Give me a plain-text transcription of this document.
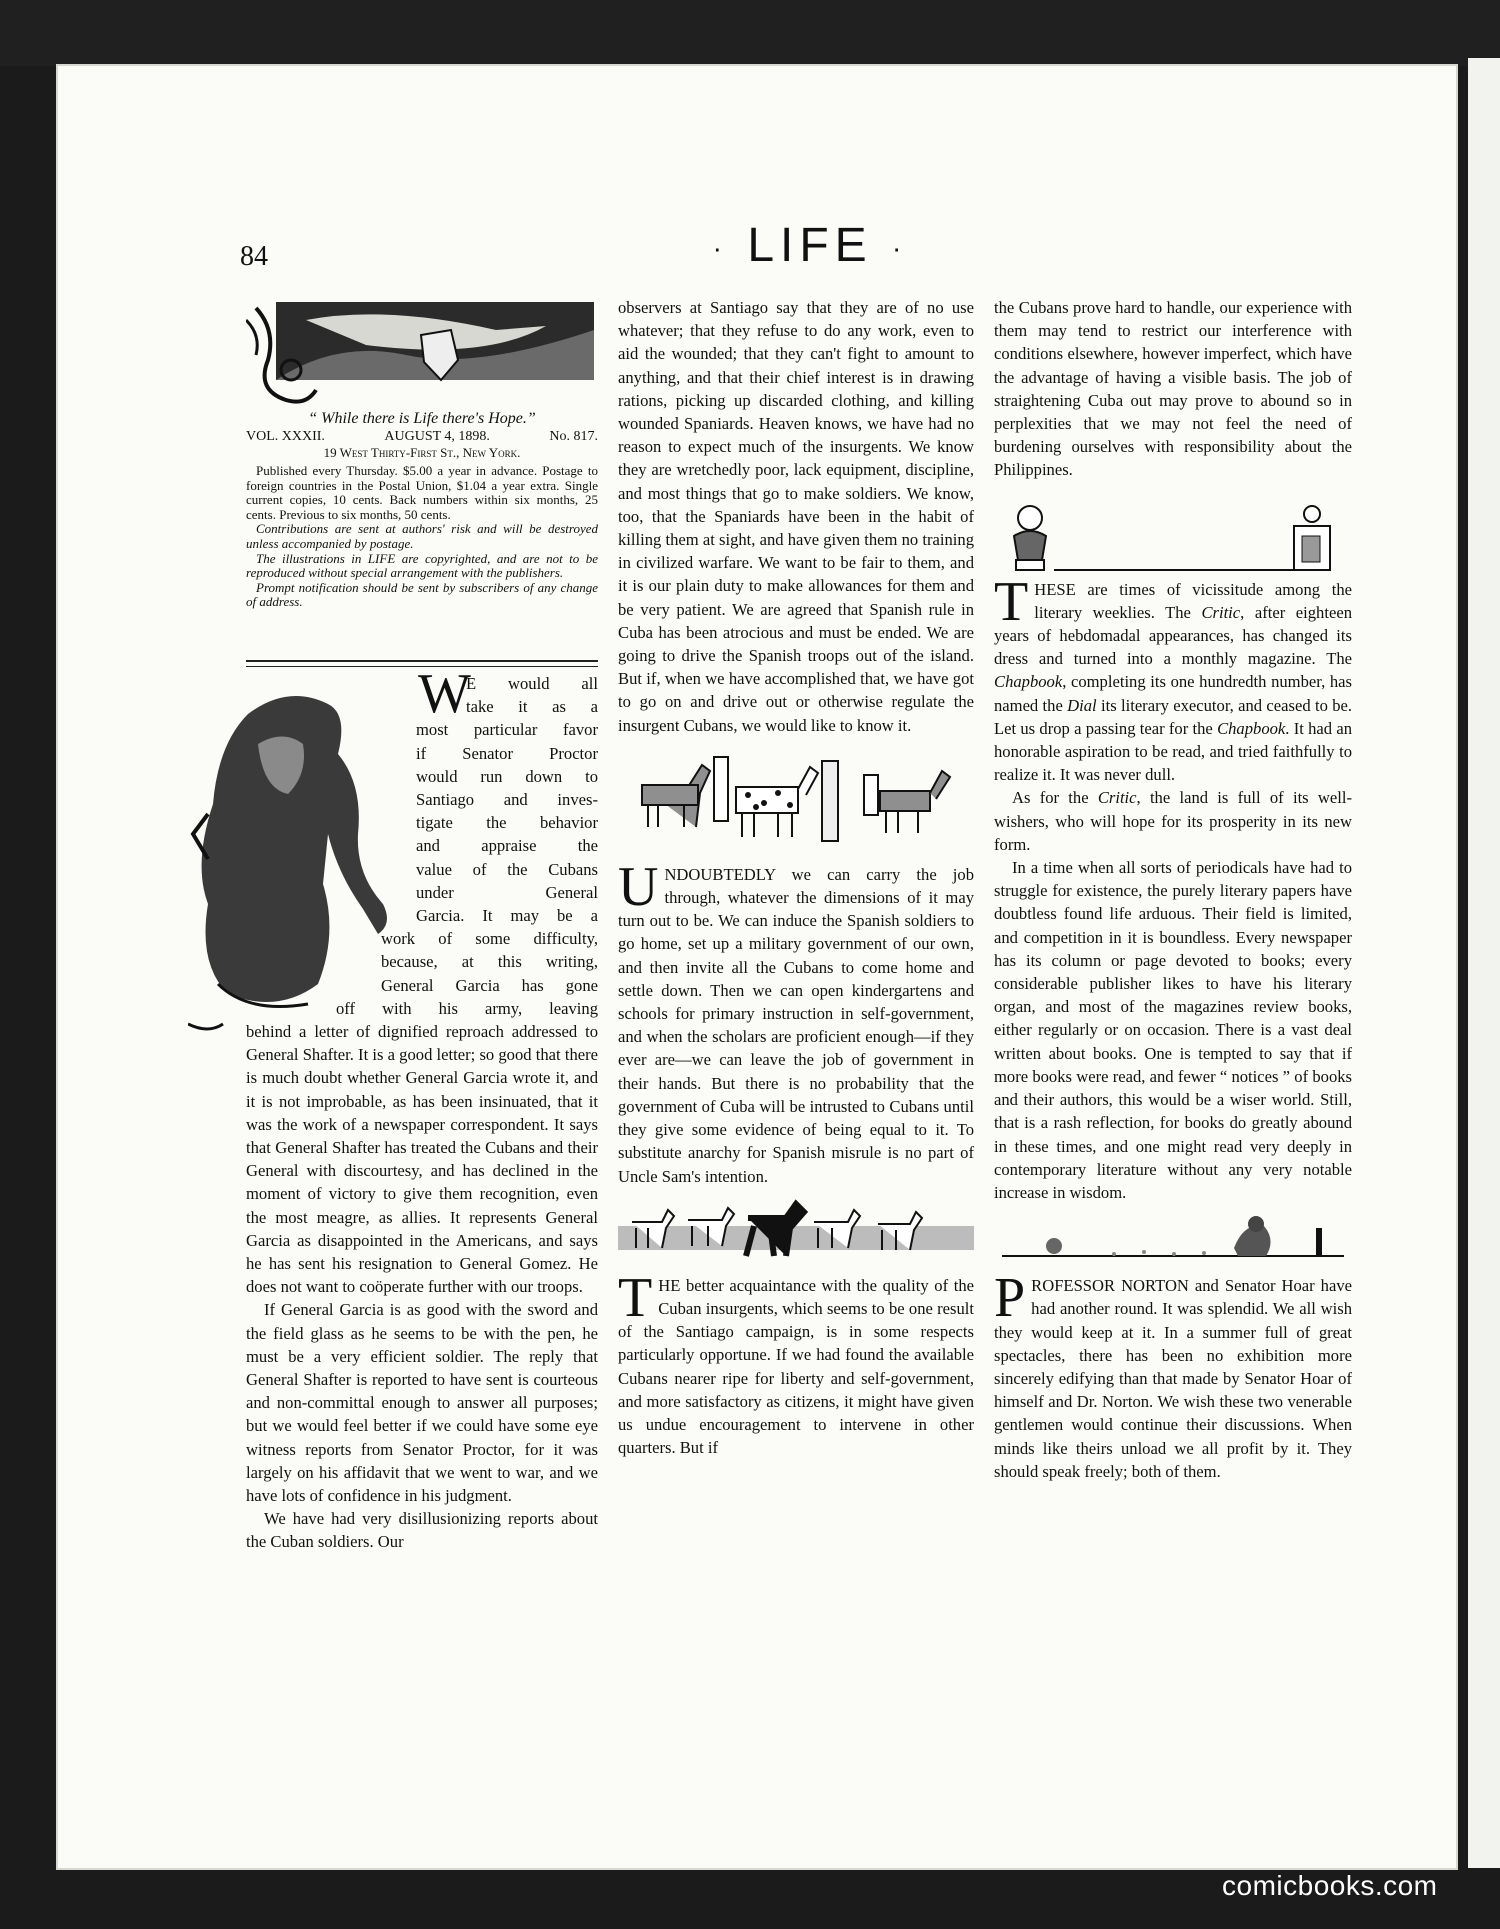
84	· LIFE ·
“ While there is Life there's Hope.”
VOL. XXXII.	AUGUST 4, 1898.	No. 817.
19 West Thirty-First St., New York.

Published every Thursday. $5.00 a year in advance. Postage to foreign countries in the Postal Union, $1.04 a year extra. Single current copies, 10 cents. Back numbers within six months, 25 cents. Previous to six months, 50 cents.

Contributions are sent at authors' risk and will be destroyed unless accompanied by postage.

The illustrations in LIFE are copyrighted, and are not to be reproduced without special arrangement with the publishers.

Prompt notification should be sent by subscribers of any change of address.

behind a letter of dignified reproach addressed to General Shafter. It is a good letter; so good that there is much doubt whether General Garcia wrote it, and it is not improbable, as has been insinuated, that it was the work of a newspaper correspondent. It says that General Shafter has treated the Cubans and their General with discourtesy, and has declined in the moment of victory to give them recognition, even the most meagre, as allies. It represents General Garcia as disappointed in the Americans, and says he has sent his resignation to General Gomez. He does not want to coöperate further with our troops.

If General Garcia is as good with the sword and the field glass as he seems to be with the pen, he must be a very efficient soldier. The reply that General Shafter is reported to have sent is courteous and non-committal enough to answer all purposes; but we would feel better if we could have some eye witness reports from Senator Proctor, for it was largely on his affidavit that we went to war, and we have lots of confidence in his judgment.

We have had very disillusionizing reports about the Cuban soldiers. Our

W
E would all
take it as a
most particular favor
if Senator Proctor
would run down to
Santiago and inves-
tigate the behavior
and appraise the
value of the Cubans
under General
Garcia. It may be a
work of some difficulty,
because, at this writing,
General Garcia has gone
off with his army, leaving

observers at Santiago say that they are of no use whatever; that they refuse to do any work, even to aid the wounded; that they can't fight to amount to anything, and that their chief interest is in drawing rations, picking up discarded clothing, and killing wounded Spaniards. Heaven knows, we have had no reason to expect much of the insurgents. We know they are wretchedly poor, lack equipment, discipline, and most things that go to make soldiers. We know, too, that the Spaniards have been in the habit of killing them at sight, and have given them no training in civilized warfare. We want to be fair to them, and it is our plain duty to make allowances for them and be very patient. We are agreed that Spanish rule in Cuba has been atrocious and must be ended. We are going to drive the Spanish troops out of the island. But if, when we have accomplished that, we have got to go on and drive out or otherwise regulate the insurgent Cubans, we would like to know it.

UNDOUBTEDLY we can carry the job through, whatever the dimensions of it may turn out to be. We can induce the Spanish soldiers to go home, set up a military government of our own, and then invite all the Cubans to come home and settle down. Then we can open kindergartens and schools for primary instruction in self-government, and when the scholars are proficient enough—if they ever are—we can leave the job of government in their hands. But there is no probability that the government of Cuba will be intrusted to Cubans until they give some evidence of being equal to it. To substitute anarchy for Spanish misrule is no part of Uncle Sam's intention.

THE better acquaintance with the quality of the Cuban insurgents, which seems to be one result of the Santiago campaign, is in some respects particularly opportune. If we had found the available Cubans nearer ripe for liberty and self-government, and more satisfactory as citizens, it might have given us undue encouragement to intervene in other quarters. But if

the Cubans prove hard to handle, our experience with them may tend to restrict our interference with conditions elsewhere, however imperfect, which have the advantage of having a visible basis. The job of straightening Cuba out may prove to abound so in perplexities that we may not feel the need of burdening ourselves with responsibility about the Philippines.

THESE are times of vicissitude among the literary weeklies. The Critic, after eighteen years of hebdomadal appearances, has changed its dress and turned into a monthly magazine. The Chapbook, completing its one hundredth number, has named the Dial its literary executor, and ceased to be. Let us drop a passing tear for the Chapbook. It had an honorable aspiration to be read, and tried faithfully to realize it. It was never dull.

As for the Critic, the land is full of its well-wishers, who will hope for its prosperity in its new form.

In a time when all sorts of periodicals have had to struggle for existence, the purely literary papers have doubtless found life arduous. Their field is limited, and competition in it is boundless. Every newspaper has its column or page devoted to books; every considerable publisher likes to have his literary organ, and most of the magazines review books, either regularly or on occasion. There is a vast deal written about books. One is tempted to say that if more books were read, and fewer “ notices ” of books and their authors, this would be a wiser world. Still, that is a rash reflection, for books do greatly abound in these times, and one might read very deeply in contemporary literature without any very notable increase in wisdom.

PROFESSOR NORTON and Senator Hoar have had another round. It was splendid. We all wish they would keep at it. In a summer full of great spectacles, there has been no exhibition more sincerely edifying than that made by Senator Hoar of himself and Dr. Norton. We wish these two venerable gentlemen would continue their discussions. When minds like theirs unload we all profit by it. They should speak freely; both of them.

comicbooks.com
